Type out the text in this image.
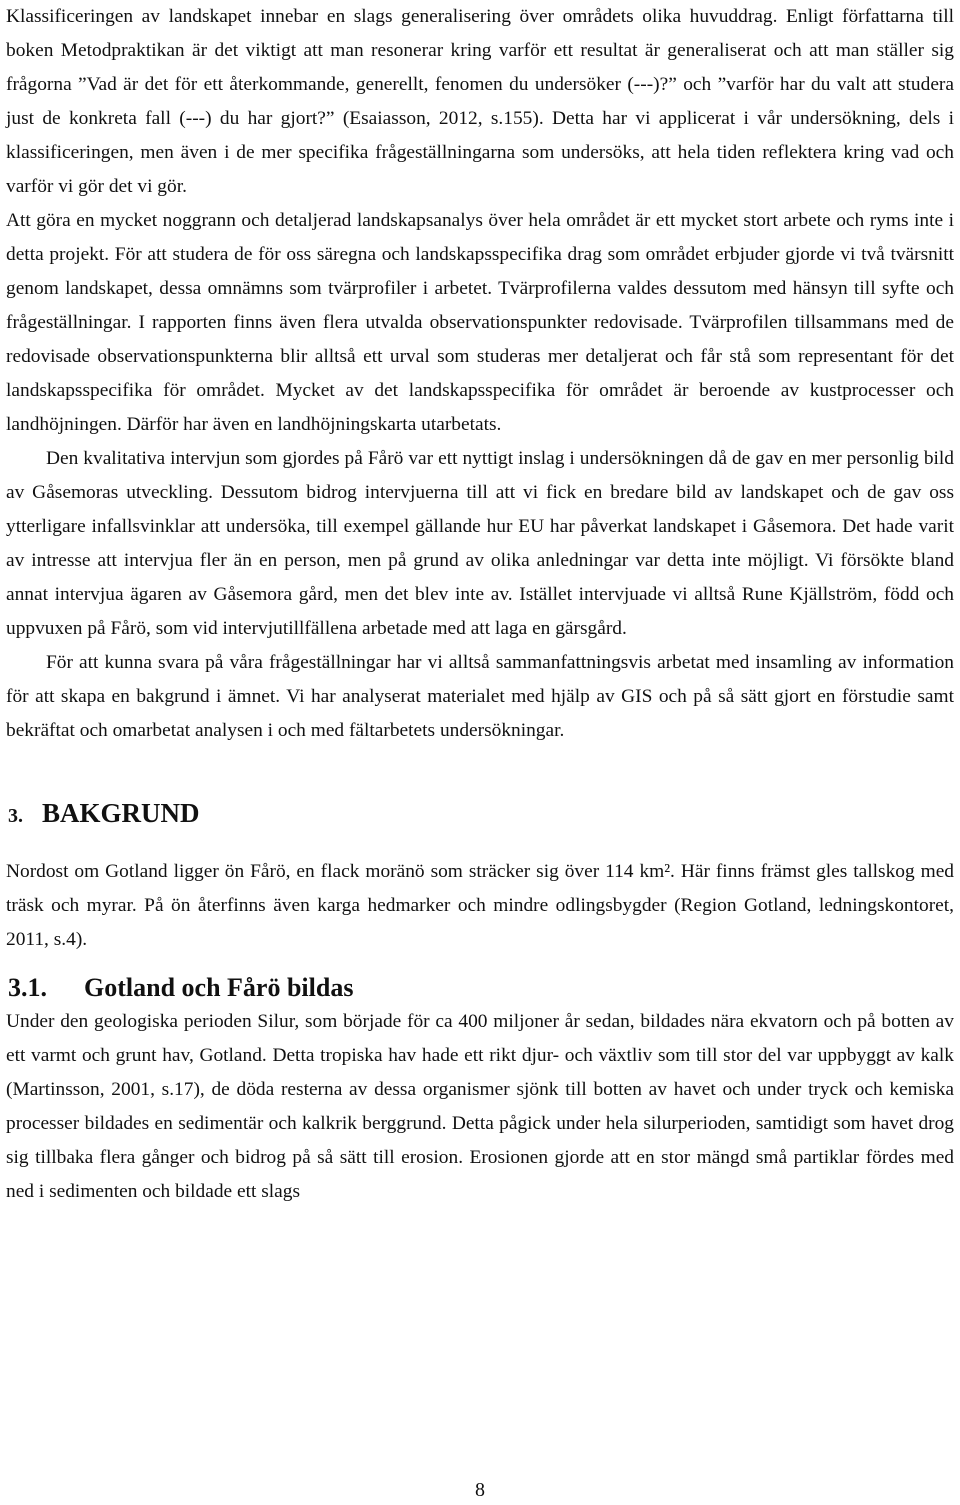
Klassificeringen av landskapet innebar en slags generalisering över områdets olika huvuddrag. Enligt författarna till boken Metodpraktikan är det viktigt att man resonerar kring varför ett resultat är generaliserat och att man ställer sig frågorna ”Vad är det för ett återkommande, generellt, fenomen du undersöker (---)?” och ”varför har du valt att studera just de konkreta fall (---) du har gjort?” (Esaiasson, 2012, s.155). Detta har vi applicerat i vår undersökning, dels i klassificeringen, men även i de mer specifika frågeställningarna som undersöks, att hela tiden reflektera kring vad och varför vi gör det vi gör.

Att göra en mycket noggrann och detaljerad landskapsanalys över hela området är ett mycket stort arbete och ryms inte i detta projekt. För att studera de för oss säregna och landskapsspecifika drag som området erbjuder gjorde vi två tvärsnitt genom landskapet, dessa omnämns som tvärprofiler i arbetet. Tvärprofilerna valdes dessutom med hänsyn till syfte och frågeställningar. I rapporten finns även flera utvalda observationspunkter redovisade. Tvärprofilen tillsammans med de redovisade observationspunkterna blir alltså ett urval som studeras mer detaljerat och får stå som representant för det landskapsspecifika för området. Mycket av det landskapsspecifika för området är beroende av kustprocesser och landhöjningen. Därför har även en landhöjningskarta utarbetats.

Den kvalitativa intervjun som gjordes på Fårö var ett nyttigt inslag i undersökningen då de gav en mer personlig bild av Gåsemoras utveckling. Dessutom bidrog intervjuerna till att vi fick en bredare bild av landskapet och de gav oss ytterligare infallsvinklar att undersöka, till exempel gällande hur EU har påverkat landskapet i Gåsemora. Det hade varit av intresse att intervjua fler än en person, men på grund av olika anledningar var detta inte möjligt. Vi försökte bland annat intervjua ägaren av Gåsemora gård, men det blev inte av. Istället intervjuade vi alltså Rune Kjällström, född och uppvuxen på Fårö, som vid intervjutillfällena arbetade med att laga en gärsgård.

För att kunna svara på våra frågeställningar har vi alltså sammanfattningsvis arbetat med insamling av information för att skapa en bakgrund i ämnet. Vi har analyserat materialet med hjälp av GIS och på så sätt gjort en förstudie samt bekräftat och omarbetat analysen i och med fältarbetets undersökningar.

3. BAKGRUND

Nordost om Gotland ligger ön Fårö, en flack moränö som sträcker sig över 114 km². Här finns främst gles tallskog med träsk och myrar. På ön återfinns även karga hedmarker och mindre odlingsbygder (Region Gotland, ledningskontoret, 2011, s.4).

3.1. Gotland och Fårö bildas

Under den geologiska perioden Silur, som började för ca 400 miljoner år sedan, bildades nära ekvatorn och på botten av ett varmt och grunt hav, Gotland. Detta tropiska hav hade ett rikt djur- och växtliv som till stor del var uppbyggt av kalk (Martinsson, 2001, s.17), de döda resterna av dessa organismer sjönk till botten av havet och under tryck och kemiska processer bildades en sedimentär och kalkrik berggrund. Detta pågick under hela silurperioden, samtidigt som havet drog sig tillbaka flera gånger och bidrog på så sätt till erosion. Erosionen gjorde att en stor mängd små partiklar fördes med ned i sedimenten och bildade ett slags

8
